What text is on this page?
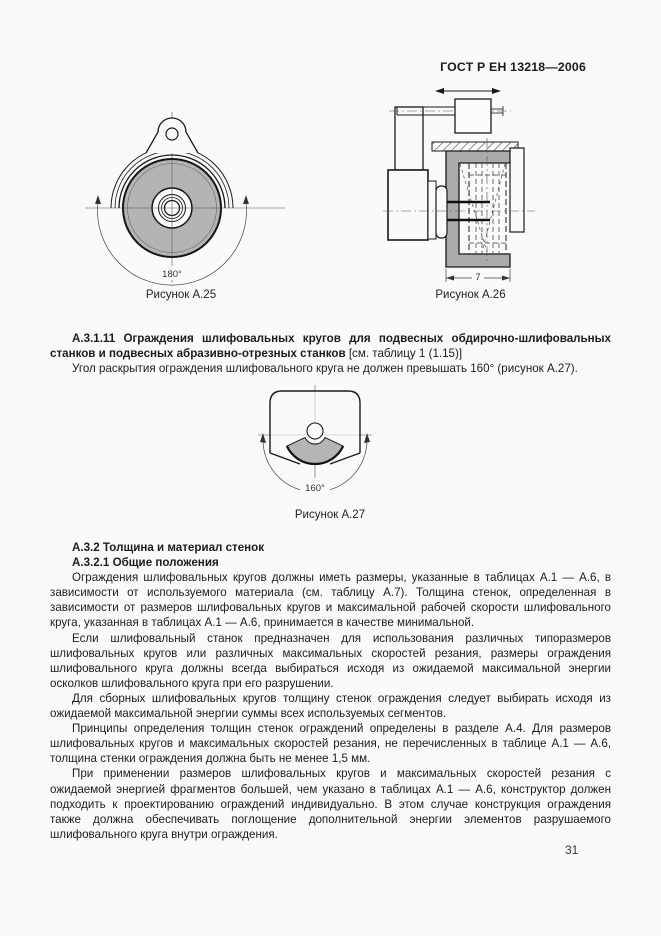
ГОСТ Р ЕН 13218—2006
180°	7
Рисунок А.25	Рисунок А.26

А.3.1.11 Ограждения шлифовальных кругов для подвесных обдирочно-шлифовальных станков и подвесных абразивно-отрезных станков [см. таблицу 1 (1.15)]

Угол раскрытия ограждения шлифовального круга не должен превышать 160° (рисунок А.27).

160°
Рисунок А.27
А.3.2 Толщина и материал стенок
А.3.2.1 Общие положения

Ограждения шлифовальных кругов должны иметь размеры, указанные в таблицах А.1 — А.6, в зависимости от используемого материала (см. таблицу А.7). Толщина стенок, определенная в зависимости от размеров шлифовальных кругов и максимальной рабочей скорости шлифовального круга, указанная в таблицах А.1 — А.6, принимается в качестве минимальной.

Если шлифовальный станок предназначен для использования различных типоразмеров шлифовальных кругов или различных максимальных скоростей резания, размеры ограждения шлифовального круга должны всегда выбираться исходя из ожидаемой максимальной энергии осколков шлифовального круга при его разрушении.

Для сборных шлифовальных кругов толщину стенок ограждения следует выбирать исходя из ожидаемой максимальной энергии суммы всех используемых сегментов.

Принципы определения толщин стенок ограждений определены в разделе А.4. Для размеров шлифовальных кругов и максимальных скоростей резания, не перечисленных в таблице А.1 — А.6, толщина стенки ограждения должна быть не менее 1,5 мм.

При применении размеров шлифовальных кругов и максимальных скоростей резания с ожидаемой энергией фрагментов большей, чем указано в таблицах А.1 — А.6, конструктор должен подходить к проектированию ограждений индивидуально. В этом случае конструкция ограждения также должна обеспечивать поглощение дополнительной энергии элементов разрушаемого шлифовального круга внутри ограждения.

31
